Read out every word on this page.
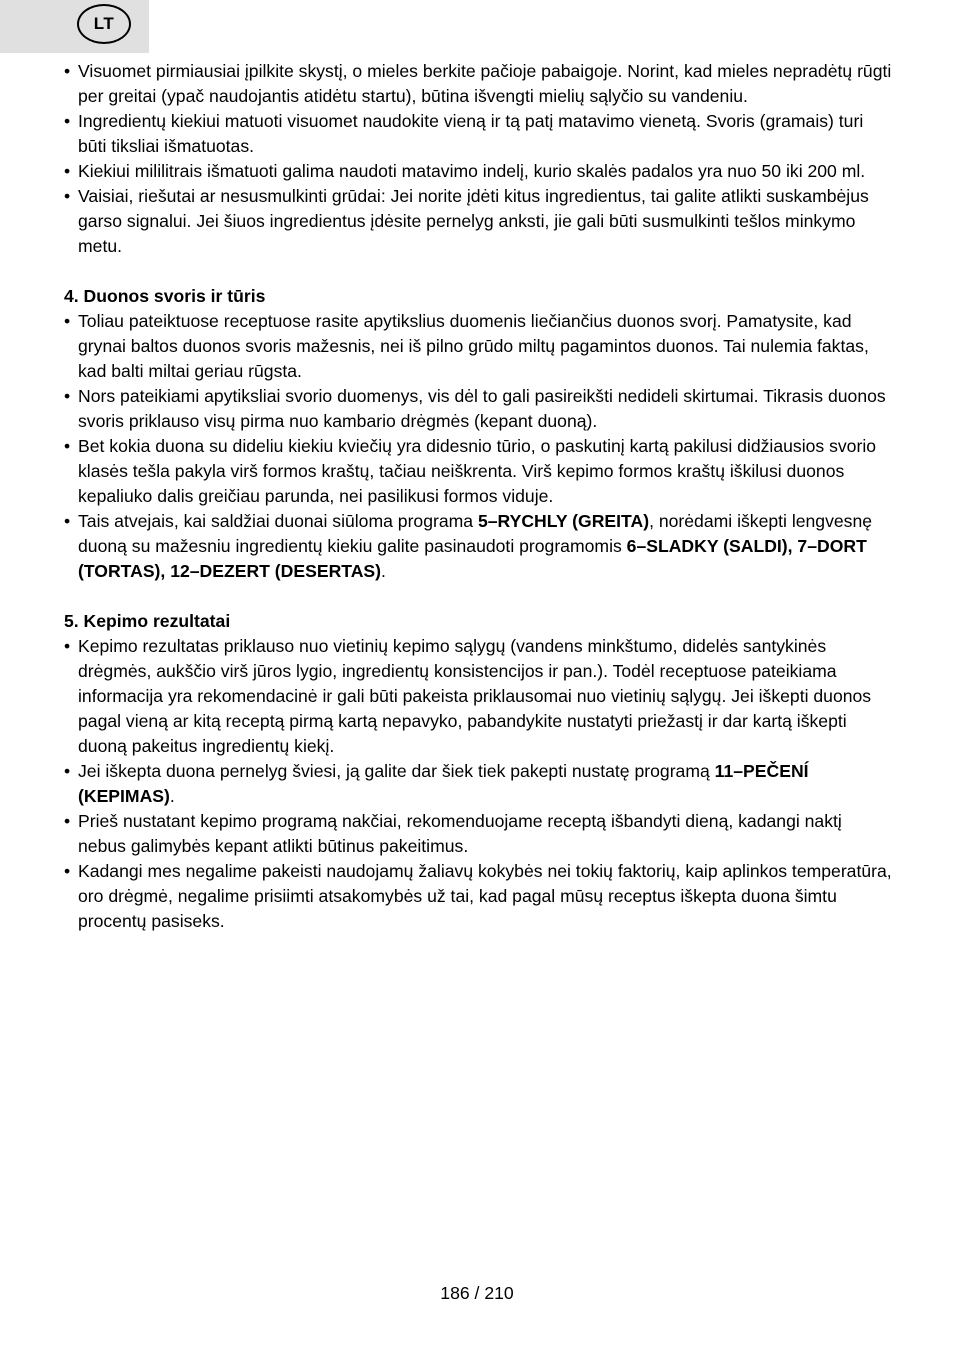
LT
• Visuomet pirmiausiai įpilkite skystį, o mieles berkite pačioje pabaigoje. Norint, kad mieles nepradėtų rūgti per greitai (ypač naudojantis atidėtu startu), būtina išvengti mielių sąlyčio su vandeniu.
• Ingredientų kiekiui matuoti visuomet naudokite vieną ir tą patį matavimo vienetą. Svoris (gramais) turi būti tiksliai išmatuotas.
• Kiekiui mililitrais išmatuoti galima naudoti matavimo indelį, kurio skalės padalos yra nuo 50 iki 200 ml.
• Vaisiai, riešutai ar nesusmulkinti grūdai: Jei norite įdėti kitus ingredientus, tai galite atlikti suskambėjus garso signalui. Jei šiuos ingredientus įdėsite pernelyg anksti, jie gali būti susmulkinti tešlos minkymo metu.

4. Duonos svoris ir tūris

• Toliau pateiktuose receptuose rasite apytikslius duomenis liečiančius duonos svorį. Pamatysite, kad grynai baltos duonos svoris mažesnis, nei iš pilno grūdo miltų pagamintos duonos. Tai nulemia faktas, kad balti miltai geriau rūgsta.
• Nors pateikiami apytiksliai svorio duomenys, vis dėl to gali pasireikšti nedideli skirtumai. Tikrasis duonos svoris priklauso visų pirma nuo kambario drėgmės (kepant duoną).
• Bet kokia duona su dideliu kiekiu kviečių yra didesnio tūrio, o paskutinį kartą pakilusi didžiausios svorio klasės tešla pakyla virš formos kraštų, tačiau neiškrenta. Virš kepimo formos kraštų iškilusi duonos kepaliuko dalis greičiau parunda, nei pasilikusi formos viduje.
• Tais atvejais, kai saldžiai duonai siūloma programa 5–RYCHLY (GREITA), norėdami iškepti lengvesnę duoną su mažesniu ingredientų kiekiu galite pasinaudoti programomis 6–SLADKY (SALDI), 7–DORT (TORTAS), 12–DEZERT (DESERTAS).

5. Kepimo rezultatai

• Kepimo rezultatas priklauso nuo vietinių kepimo sąlygų (vandens minkštumo, didelės santykinės drėgmės, aukščio virš jūros lygio, ingredientų konsistencijos ir pan.). Todėl receptuose pateikiama informacija yra rekomendacinė ir gali būti pakeista priklausomai nuo vietinių sąlygų. Jei iškepti duonos pagal vieną ar kitą receptą pirmą kartą nepavyko, pabandykite nustatyti priežastį ir dar kartą iškepti duoną pakeitus ingredientų kiekį.
• Jei iškepta duona pernelyg šviesi, ją galite dar šiek tiek pakepti nustatę programą 11–PEČENÍ (KEPIMAS).
• Prieš nustatant kepimo programą nakčiai, rekomenduojame receptą išbandyti dieną, kadangi naktį nebus galimybės kepant atlikti būtinus pakeitimus.
• Kadangi mes negalime pakeisti naudojamų žaliavų kokybės nei tokių faktorių, kaip aplinkos temperatūra, oro drėgmė, negalime prisiimti atsakomybės už tai, kad pagal mūsų receptus iškepta duona šimtu procentų pasiseks.
186 / 210
